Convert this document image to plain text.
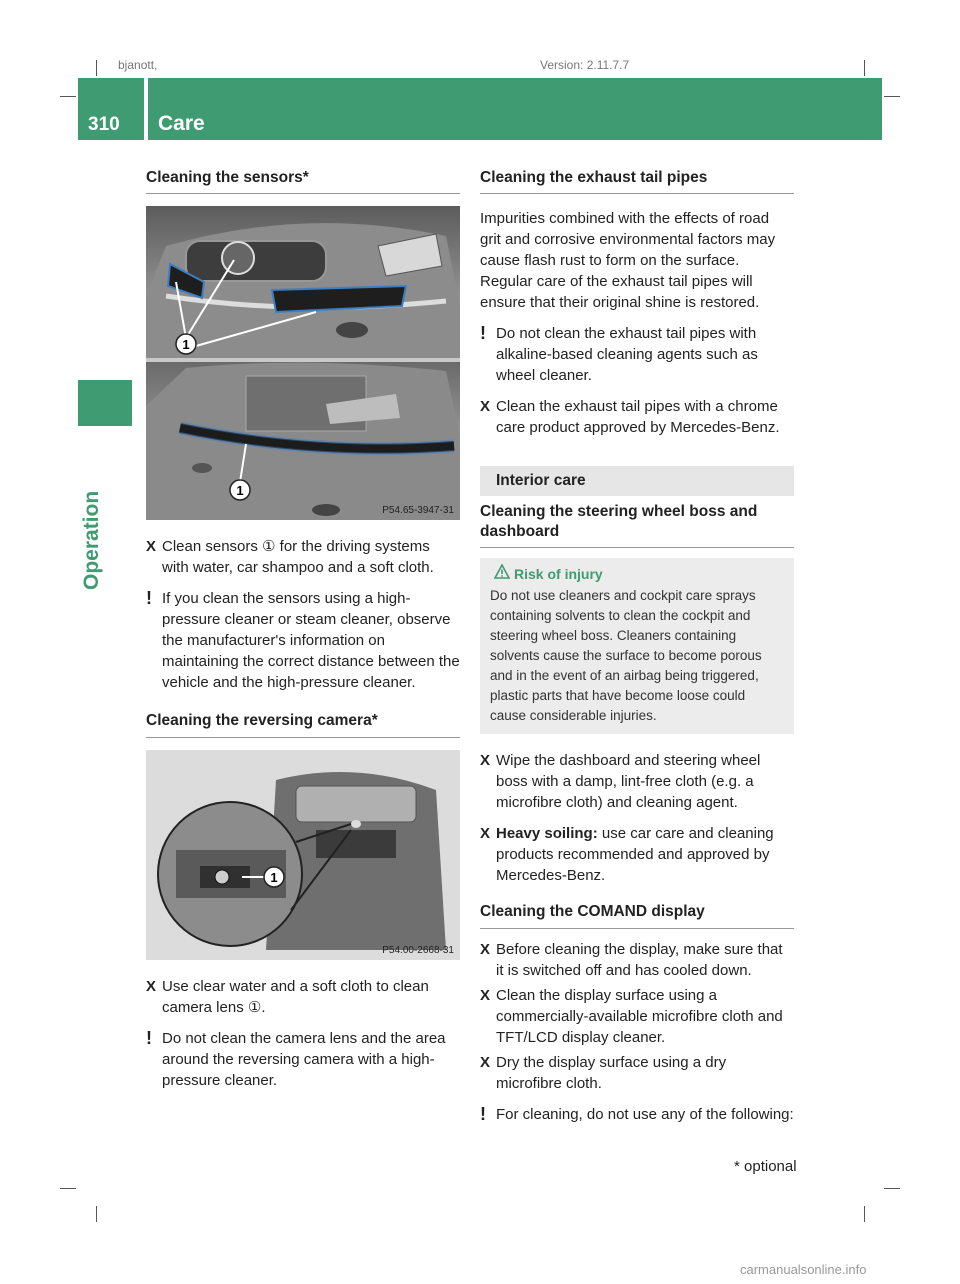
bjanott,	Version: 2.11.7.7
310 Care
Operation
Cleaning the sensors*
1
1
P54.65-3947-31
X Clean sensors ① for the driving systems with water, car shampoo and a soft cloth.
! If you clean the sensors using a high-pressure cleaner or steam cleaner, observe the manufacturer's information on maintaining the correct distance between the vehicle and the high-pressure cleaner.
Cleaning the reversing camera*
1
P54.00-2668-31
X Use clear water and a soft cloth to clean camera lens ①.
! Do not clean the camera lens and the area around the reversing camera with a high-pressure cleaner.
Cleaning the exhaust tail pipes

Impurities combined with the effects of road grit and corrosive environmental factors may cause flash rust to form on the surface. Regular care of the exhaust tail pipes will ensure that their original shine is restored.

! Do not clean the exhaust tail pipes with alkaline-based cleaning agents such as wheel cleaner.
X Clean the exhaust tail pipes with a chrome care product approved by Mercedes-Benz.
Interior care
Cleaning the steering wheel boss and dashboard
Risk of injury
Do not use cleaners and cockpit care sprays containing solvents to clean the cockpit and steering wheel boss. Cleaners containing solvents cause the surface to become porous and in the event of an airbag being triggered, plastic parts that have become loose could cause considerable injuries.
X Wipe the dashboard and steering wheel boss with a damp, lint-free cloth (e.g. a microfibre cloth) and cleaning agent.
X Heavy soiling: use car care and cleaning products recommended and approved by Mercedes-Benz.
Cleaning the COMAND display
X Before cleaning the display, make sure that it is switched off and has cooled down.
X Clean the display surface using a commercially-available microfibre cloth and TFT/LCD display cleaner.
X Dry the display surface using a dry microfibre cloth.
! For cleaning, do not use any of the following:
* optional
carmanualsonline.info
